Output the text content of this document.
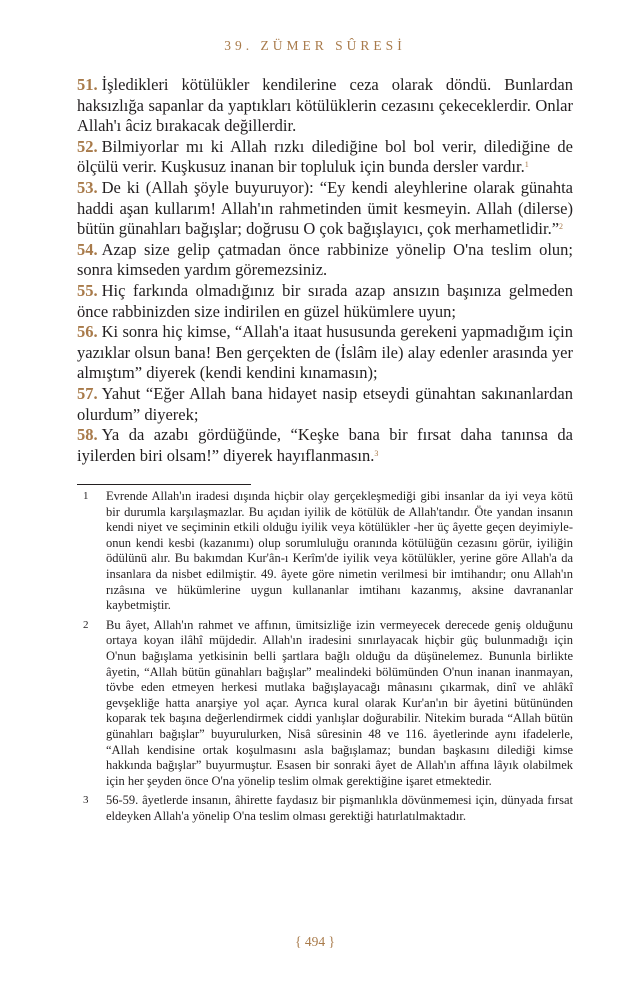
39. ZÜMER SÛRESİ

51. İşledikleri kötülükler kendilerine ceza olarak döndü. Bunlardan haksızlığa sapanlar da yaptıkları kötülüklerin cezasını çekeceklerdir. Onlar Allah'ı âciz bırakacak değillerdir.

52. Bilmiyorlar mı ki Allah rızkı dilediğine bol bol verir, dilediğine de ölçülü verir. Kuşkusuz inanan bir topluluk için bunda dersler vardır.$^1$

53. De ki (Allah şöyle buyuruyor): “Ey kendi aleyhlerine olarak günahta haddi aşan kullarım! Allah'ın rahmetinden ümit kesmeyin. Allah (dilerse) bütün günahları bağışlar; doğrusu O çok bağışlayıcı, çok merhametlidir.”$^2$

54. Azap size gelip çatmadan önce rabbinize yönelip O'na teslim olun; sonra kimseden yardım göremezsiniz.

55. Hiç farkında olmadığınız bir sırada azap ansızın başınıza gelmeden önce rabbinizden size indirilen en güzel hükümlere uyun;

56. Ki sonra hiç kimse, “Allah'a itaat hususunda gerekeni yapmadığım için yazıklar olsun bana! Ben gerçekten de (İslâm ile) alay edenler arasında yer almıştım” diyerek (kendi kendini kınamasın);

57. Yahut “Eğer Allah bana hidayet nasip etseydi günahtan sakınanlardan olurdum” diyerek;

58. Ya da azabı gördüğünde, “Keşke bana bir fırsat daha tanınsa da iyilerden biri olsam!” diyerek hayıflanmasın.$^3$

1	Evrende Allah'ın iradesi dışında hiçbir olay gerçekleşmediği gibi insanlar da iyi veya kötü bir durumla karşılaşmazlar. Bu açıdan iyilik de kötülük de Allah'tandır. Öte yandan insanın kendi niyet ve seçiminin etkili olduğu iyilik veya kötülükler -her üç âyette geçen deyimiyle- onun kendi kesbi (kazanımı) olup sorumluluğu oranında kötülüğün cezasını görür, iyiliğin ödülünü alır. Bu bakımdan Kur'ân-ı Kerîm'de iyilik veya kötülükler, yerine göre Allah'a da insanlara da nisbet edilmiştir. 49. âyete göre nimetin verilmesi bir imtihandır; onu Allah'ın rızâsına ve hükümlerine uygun kullananlar imtihanı kazanmış, aksine davrananlar kaybetmiştir.
2	Bu âyet, Allah'ın rahmet ve affının, ümitsizliğe izin vermeyecek derecede geniş olduğunu ortaya koyan ilâhî müjdedir. Allah'ın iradesini sınırlayacak hiçbir güç bulunmadığı için O'nun bağışlama yetkisinin belli şartlara bağlı olduğu da düşünelemez. Bununla birlikte âyetin, “Allah bütün günahları bağışlar” mealindeki bölümünden O'nun inanan inanmayan, tövbe eden etmeyen herkesi mutlaka bağışlayacağı mânasını çıkarmak, dinî ve ahlâkî gevşekliğe hatta anarşiye yol açar. Ayrıca kural olarak Kur'an'ın bir âyetini bütününden koparak tek başına değerlendirmek ciddi yanlışlar doğurabilir. Nitekim burada “Allah bütün günahları bağışlar” buyurulurken, Nisâ sûresinin 48 ve 116. âyetlerinde aynı ifadelerle, “Allah kendisine ortak koşulmasını asla bağışlamaz; bundan başkasını dilediği kimse hakkında bağışlar” buyurmuştur. Esasen bir sonraki âyet de Allah'ın affına lâyık olabilmek için her şeyden önce O'na yönelip teslim olmak gerektiğine işaret etmektedir.
3	56-59. âyetlerde insanın, âhirette faydasız bir pişmanlıkla dövünmemesi için, dünyada fırsat eldeyken Allah'a yönelip O'na teslim olması gerektiği hatırlatılmaktadır.
{ 494 }
